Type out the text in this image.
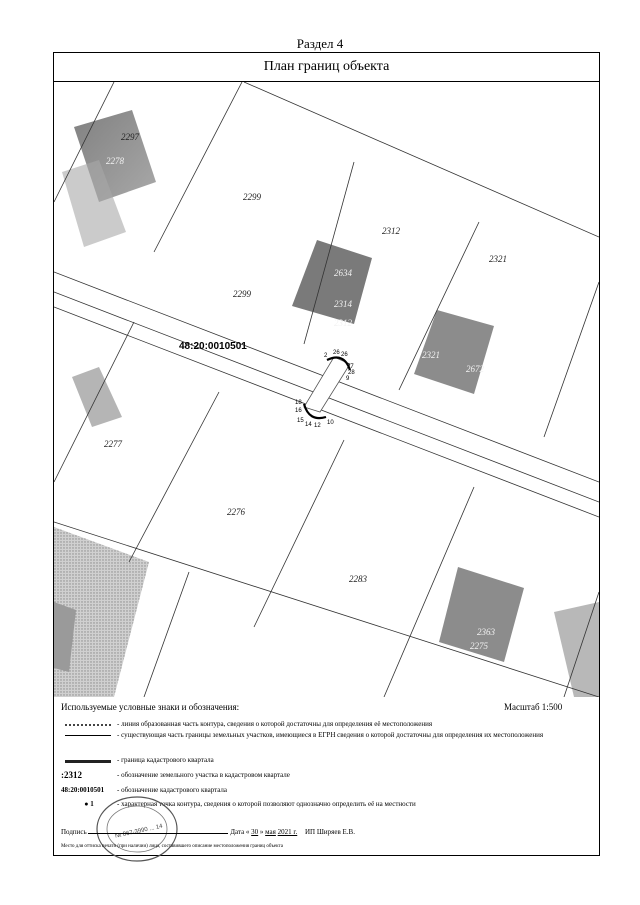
Раздел 4
План границ объекта
2297
2278
2299
2312
2321
2299
2634
2314
2312
2321
2672
48:20:0010501
2277
2276
2283
2363
2275
2 26 26
27
28
9
18
16
15
14 12 10
Используемые условные знаки и обозначения:	Масштаб 1:500
- линия образованная часть контура, сведения о которой достаточны для определения её местоположения
- существующая часть границы земельных участков, имеющиеся в ЕГРН сведения о которой достаточны для определения их местоположения
- граница кадастрового квартала
:2312	- обозначение земельного участка в кадастровом квартале
48:20:0010501	- обозначение кадастрового квартала
● 1	- характерная точка контура, сведения о которой позволяют однозначно определить её на местности
№ 867-3990 ... 14
Подпись	Дата « 30 » мая 2021 г. ИП Ширяев Е.В.
Место для оттиска печати (при наличии) лица, составившего описание местоположения границ объекта
